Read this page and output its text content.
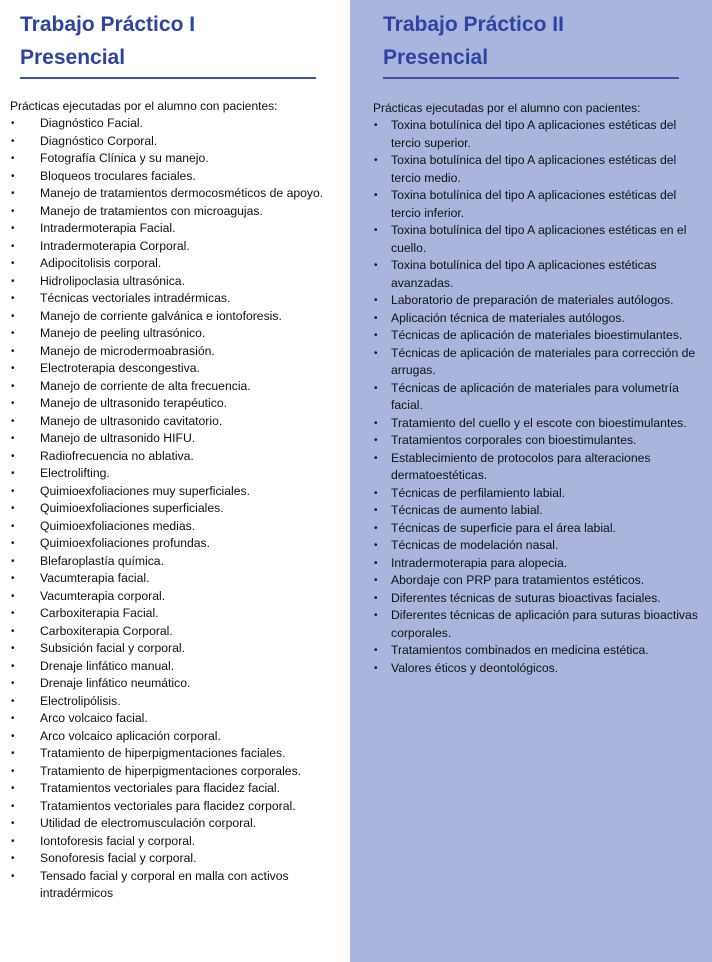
Trabajo Práctico I
Presencial

Prácticas ejecutadas por el alumno con pacientes:

• Diagnóstico Facial.
• Diagnóstico Corporal.
• Fotografía Clínica y su manejo.
• Bloqueos troculares faciales.
• Manejo de tratamientos dermocosméticos de apoyo.
• Manejo de tratamientos con microagujas.
• Intradermoterapia Facial.
• Intradermoterapia Corporal.
• Adipocitolisis corporal.
• Hidrolipoclasia ultrasónica.
• Técnicas vectoriales intradérmicas.
• Manejo de corriente galvánica e iontoforesis.
• Manejo de peeling ultrasónico.
• Manejo de microdermoabrasión.
• Electroterapia descongestiva.
• Manejo de corriente de alta frecuencia.
• Manejo de ultrasonido terapéutico.
• Manejo de ultrasonido cavitatorio.
• Manejo de ultrasonido HIFU.
• Radiofrecuencia no ablativa.
• Electrolifting.
• Quimioexfoliaciones muy superficiales.
• Quimioexfoliaciones superficiales.
• Quimioexfoliaciones medias.
• Quimioexfoliaciones profundas.
• Blefaroplastía química.
• Vacumterapia facial.
• Vacumterapia corporal.
• Carboxiterapia Facial.
• Carboxiterapia Corporal.
• Subsición facial y corporal.
• Drenaje linfático manual.
• Drenaje linfático neumático.
• Electrolipólisis.
• Arco volcaico facial.
• Arco volcaico aplicación corporal.
• Tratamiento de hiperpigmentaciones faciales.
• Tratamiento de hiperpigmentaciones corporales.
• Tratamientos vectoriales para flacidez facial.
• Tratamientos vectoriales para flacidez corporal.
• Utilidad de electromusculación corporal.
• Iontoforesis facial y corporal.
• Sonoforesis facial y corporal.
• Tensado facial y corporal en malla con activos intradérmicos
Trabajo Práctico II
Presencial

Prácticas ejecutadas por el alumno con pacientes:

• Toxina botulínica del tipo A aplicaciones estéticas del tercio superior.
• Toxina botulínica del tipo A aplicaciones estéticas del tercio medio.
• Toxina botulínica del tipo A aplicaciones estéticas del tercio inferior.
• Toxina botulínica del tipo A aplicaciones estéticas en el cuello.
• Toxina botulínica del tipo A aplicaciones estéticas avanzadas.
• Laboratorio de preparación de materiales autólogos.
• Aplicación técnica de materiales autólogos.
• Técnicas de aplicación de materiales bioestimulantes.
• Técnicas de aplicación de materiales para corrección de arrugas.
• Técnicas de aplicación de materiales para volumetría facial.
• Tratamiento del cuello y el escote con bioestimulantes.
• Tratamientos corporales con bioestimulantes.
• Establecimiento de protocolos para alteraciones dermatoestéticas.
• Técnicas de perfilamiento labial.
• Técnicas de aumento labial.
• Técnicas de superficie para el área labial.
• Técnicas de modelación nasal.
• Intradermoterapia para alopecia.
• Abordaje con PRP para tratamientos estéticos.
• Diferentes técnicas de suturas bioactivas faciales.
• Diferentes técnicas de aplicación para suturas bioactivas corporales.
• Tratamientos combinados en medicina estética.
• Valores éticos y deontológicos.
